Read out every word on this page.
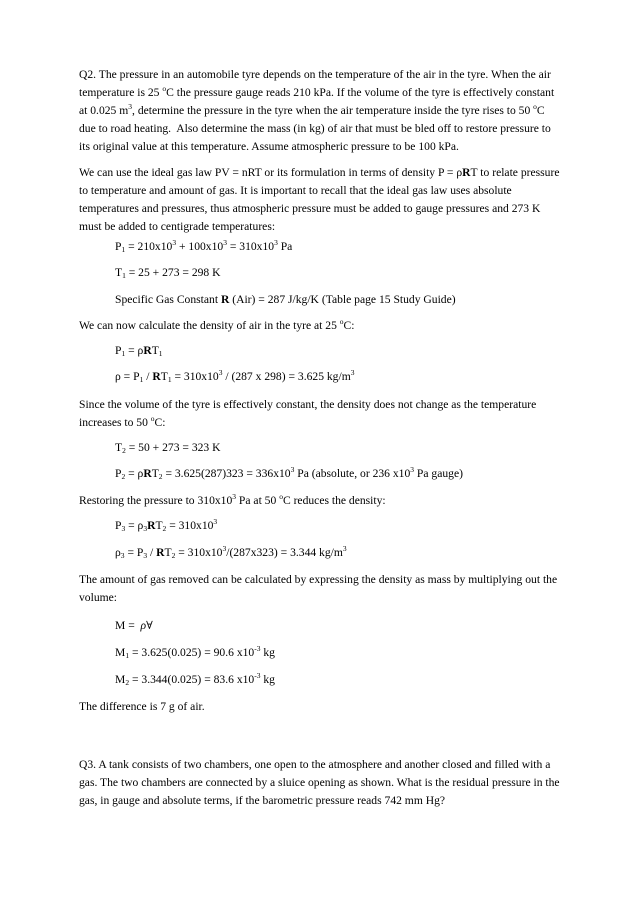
Q2. The pressure in an automobile tyre depends on the temperature of the air in the tyre. When the air temperature is 25 $^o$C the pressure gauge reads 210 kPa. If the volume of the tyre is effectively constant at 0.025 $m^3$, determine the pressure in the tyre when the air temperature inside the tyre rises to 50 $^o$C due to road heating.  Also determine the mass (in kg) of air that must be bled off to restore pressure to its original value at this temperature. Assume atmospheric pressure to be 100 kPa.

We can use the ideal gas law PV = nRT or its formulation in terms of density P = ρRT to relate pressure to temperature and amount of gas. It is important to recall that the ideal gas law uses absolute temperatures and pressures, thus atmospheric pressure must be added to gauge pressures and 273 K must be added to centigrade temperatures:

$P_1 = 210x10^3 + 100x10^3 = 310x10^3$ Pa
$T_1 = 25 + 273 = 298$ K
Specific Gas Constant R (Air) = 287 J/kg/K (Table page 15 Study Guide)

We can now calculate the density of air in the tyre at 25 $^o$C:

$P_1 = \rho RT_1$
$\rho = P_1 / RT_1 = 310x10^3 / (287$ x 298) = 3.625 $kg/m^3$

Since the volume of the tyre is effectively constant, the density does not change as the temperature increases to 50 $^o$C:

$T_2 = 50 + 273 = 323$ K
$P_2 = \rho RT_2 = 3.625(287)323 = 336x10^3$ Pa (absolute, or 236 $x10^3$ Pa gauge)

Restoring the pressure to $310x10^3$ Pa at 50 $^o$C reduces the density:

$P_3 = \rho_3RT_2 = 310x10^3$
$\rho_3 = P_3 / RT_2 = 310x10^3/(287x323) = 3.344$ $kg/m^3$

The amount of gas removed can be calculated by expressing the density as mass by multiplying out the volume:

M =  ρ∀
$M_1 = 3.625(0.025) = 90.6$ $x10^{-3}$ kg
$M_2 = 3.344(0.025) = 83.6$ $x10^{-3}$ kg

The difference is 7 g of air.

Q3. A tank consists of two chambers, one open to the atmosphere and another closed and filled with a gas. The two chambers are connected by a sluice opening as shown. What is the residual pressure in the gas, in gauge and absolute terms, if the barometric pressure reads 742 mm Hg?
